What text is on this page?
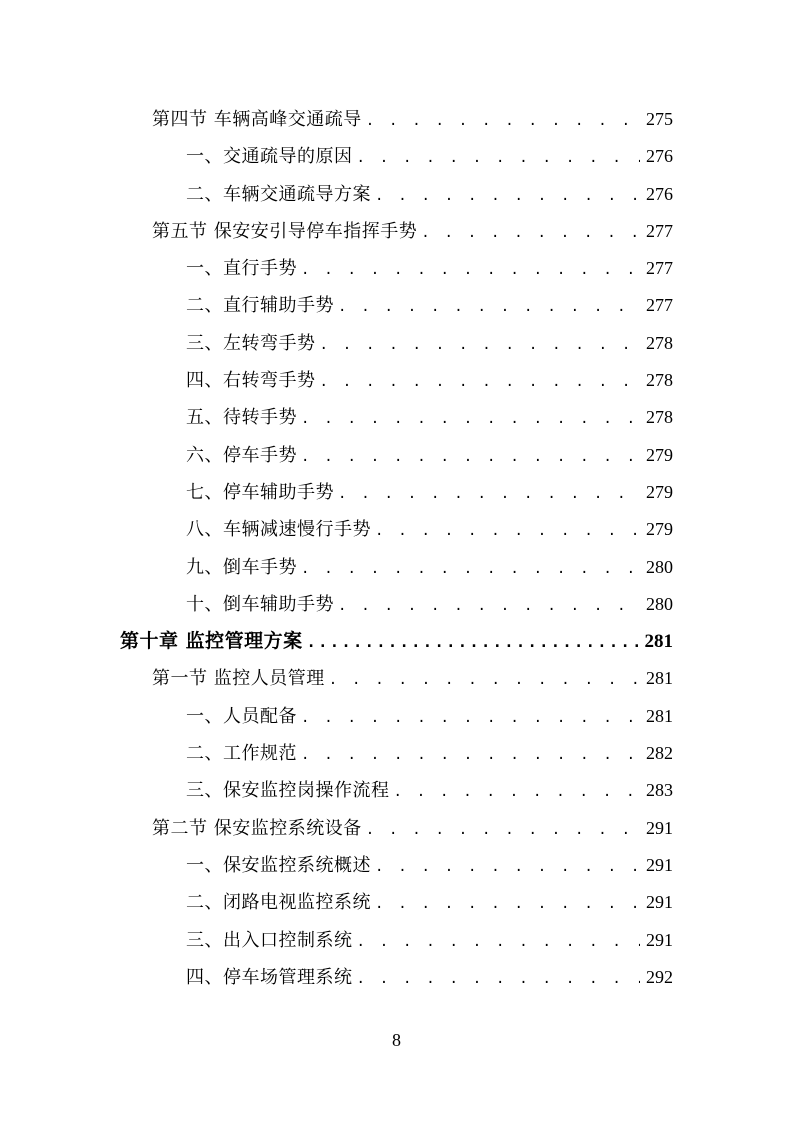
第四节 车辆高峰交通疏导 . . .	275
一、交通疏导的原因 . . .	276
二、车辆交通疏导方案 . . .	276
第五节 保安安引导停车指挥手势 . . .	277
一、直行手势 . . .	277
二、直行辅助手势 . . .	277
三、左转弯手势 . . .	278
四、右转弯手势 . . .	278
五、待转手势 . . .	278
六、停车手势 . . .	279
七、停车辅助手势 . . .	279
八、车辆减速慢行手势 . . .	279
九、倒车手势 . . .	280
十、倒车辅助手势 . . .	280
第十章 监控管理方案 .....	281
第一节 监控人员管理 . . .	281
一、人员配备 . . .	281
二、工作规范 . . .	282
三、保安监控岗操作流程 . . .	283
第二节 保安监控系统设备 . . .	291
一、保安监控系统概述 . . .	291
二、闭路电视监控系统 . . .	291
三、出入口控制系统 . . .	291
四、停车场管理系统 . . .	292
8
